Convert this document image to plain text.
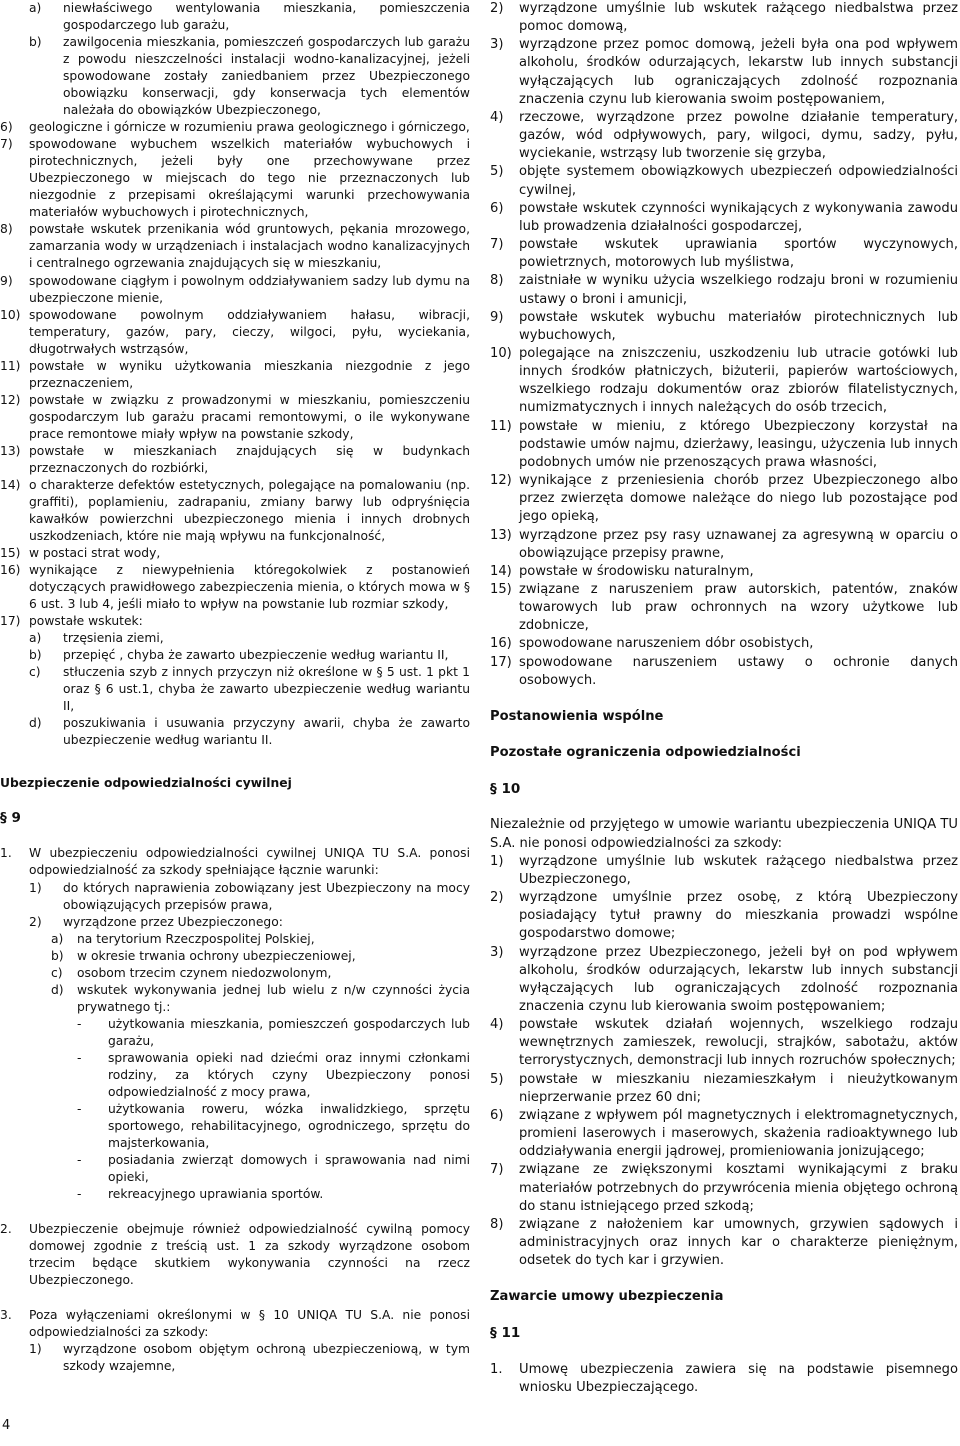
a) niewłaściwego wentylowania mieszkania, pomieszczenia gospodarczego lub garażu,
b) zawilgocenia mieszkania, pomieszczeń gospodarczych lub garażu z powodu nieszczelności instalacji wodno-kanalizacyjnej, jeżeli spowodowane zostały zaniedbaniem przez Ubezpieczonego obowiązku konserwacji, gdy konserwacja tych elementów należała do obowiązków Ubezpieczonego,
6) geologiczne i górnicze w rozumieniu prawa geologicznego i górniczego,
7) spowodowane wybuchem wszelkich materiałów wybuchowych i pirotechnicznych, jeżeli były one przechowywane przez Ubezpieczonego w miejscach do tego nie przeznaczonych lub niezgodnie z przepisami określającymi warunki przechowywania materiałów wybuchowych i pirotechnicznych,
8) powstałe wskutek przenikania wód gruntowych, pękania mrozowego, zamarzania wody w urządzeniach i instalacjach wodno kanalizacyjnych i centralnego ogrzewania znajdujących się w mieszkaniu,
9) spowodowane ciągłym i powolnym oddziaływaniem sadzy lub dymu na ubezpieczone mienie,
10) spowodowane powolnym oddziaływaniem hałasu, wibracji, temperatury, gazów, pary, cieczy, wilgoci, pyłu, wyciekania, długotrwałych wstrząsów,
11) powstałe w wyniku użytkowania mieszkania niezgodnie z jego przeznaczeniem,
12) powstałe w związku z prowadzonymi w mieszkaniu, pomieszczeniu gospodarczym lub garażu pracami remontowymi, o ile wykonywane prace remontowe miały wpływ na powstanie szkody,
13) powstałe w mieszkaniach znajdujących się w budynkach przeznaczonych do rozbiórki,
14) o charakterze defektów estetycznych, polegające na pomalowaniu (np. graffiti), poplamieniu, zadrapaniu, zmiany barwy lub odpryśnięcia kawałków powierzchni ubezpieczonego mienia i innych drobnych uszkodzeniach, które nie mają wpływu na funkcjonalność,
15) w postaci strat wody,
16) wynikające z niewypełnienia któregokolwiek z postanowień dotyczących prawidłowego zabezpieczenia mienia, o których mowa w § 6 ust. 3 lub 4, jeśli miało to wpływ na powstanie lub rozmiar szkody,
17) powstałe wskutek:
a) trzęsienia ziemi,
b) przepięć , chyba że zawarto ubezpieczenie według wariantu II,
c) stłuczenia szyb z innych przyczyn niż określone w § 5 ust. 1 pkt 1 oraz § 6 ust.1, chyba że zawarto ubezpieczenie według wariantu II,
d) poszukiwania i usuwania przyczyny awarii, chyba że zawarto ubezpieczenie według wariantu II.
Ubezpieczenie odpowiedzialności cywilnej
§ 9
1. W ubezpieczeniu odpowiedzialności cywilnej UNIQA TU S.A. ponosi odpowiedzialność za szkody spełniające łącznie warunki:
1) do których naprawienia zobowiązany jest Ubezpieczony na mocy obowiązujących przepisów prawa,
2) wyrządzone przez Ubezpieczonego:
a) na terytorium Rzeczpospolitej Polskiej,
b) w okresie trwania ochrony ubezpieczeniowej,
c) osobom trzecim czynem niedozwolonym,
d) wskutek wykonywania jednej lub wielu z n/w czynności życia prywatnego tj.:
- użytkowania mieszkania, pomieszczeń gospodarczych lub garażu,
- sprawowania opieki nad dziećmi oraz innymi członkami rodziny, za których czyny Ubezpieczony ponosi odpowiedzialność z mocy prawa,
- użytkowania roweru, wózka inwalidzkiego, sprzętu sportowego, rehabilitacyjnego, ogrodniczego, sprzętu do majsterkowania,
- posiadania zwierząt domowych i sprawowania nad nimi opieki,
- rekreacyjnego uprawiania sportów.
2. Ubezpieczenie obejmuje również odpowiedzialność cywilną pomocy domowej zgodnie z treścią ust. 1 za szkody wyrządzone osobom trzecim będące skutkiem wykonywania czynności na rzecz Ubezpieczonego.
3. Poza wyłączeniami określonymi w § 10 UNIQA TU S.A. nie ponosi odpowiedzialności za szkody:
1) wyrządzone osobom objętym ochroną ubezpieczeniową, w tym szkody wzajemne,
2) wyrządzone umyślnie lub wskutek rażącego niedbalstwa przez pomoc domową,
3) wyrządzone przez pomoc domową, jeżeli była ona pod wpływem alkoholu, środków odurzających, lekarstw lub innych substancji wyłączających lub ograniczających zdolność rozpoznania znaczenia czynu lub kierowania swoim postępowaniem,
4) rzeczowe, wyrządzone przez powolne działanie temperatury, gazów, wód odpływowych, pary, wilgoci, dymu, sadzy, pyłu, wyciekanie, wstrząsy lub tworzenie się grzyba,
5) objęte systemem obowiązkowych ubezpieczeń odpowiedzialności cywilnej,
6) powstałe wskutek czynności wynikających z wykonywania zawodu lub prowadzenia działalności gospodarczej,
7) powstałe wskutek uprawiania sportów wyczynowych, powietrznych, motorowych lub myślistwa,
8) zaistniałe w wyniku użycia wszelkiego rodzaju broni w rozumieniu ustawy o broni i amunicji,
9) powstałe wskutek wybuchu materiałów pirotechnicznych lub wybuchowych,
10) polegające na zniszczeniu, uszkodzeniu lub utracie gotówki lub innych środków płatniczych, biżuterii, papierów wartościowych, wszelkiego rodzaju dokumentów oraz zbiorów filatelistycznych, numizmatycznych i innych należących do osób trzecich,
11) powstałe w mieniu, z którego Ubezpieczony korzystał na podstawie umów najmu, dzierżawy, leasingu, użyczenia lub innych podobnych umów nie przenoszących prawa własności,
12) wynikające z przeniesienia chorób przez Ubezpieczonego albo przez zwierzęta domowe należące do niego lub pozostające pod jego opieką,
13) wyrządzone przez psy rasy uznawanej za agresywną w oparciu o obowiązujące przepisy prawne,
14) powstałe w środowisku naturalnym,
15) związane z naruszeniem praw autorskich, patentów, znaków towarowych lub praw ochronnych na wzory użytkowe lub zdobnicze,
16) spowodowane naruszeniem dóbr osobistych,
17) spowodowane naruszeniem ustawy o ochronie danych osobowych.
Postanowienia wspólne
Pozostałe ograniczenia odpowiedzialności
§ 10
Niezależnie od przyjętego w umowie wariantu ubezpieczenia UNIQA TU S.A. nie ponosi odpowiedzialności za szkody:
1) wyrządzone umyślnie lub wskutek rażącego niedbalstwa przez Ubezpieczonego,
2) wyrządzone umyślnie przez osobę, z którą Ubezpieczony posiadający tytuł prawny do mieszkania prowadzi wspólne gospodarstwo domowe;
3) wyrządzone przez Ubezpieczonego, jeżeli był on pod wpływem alkoholu, środków odurzających, lekarstw lub innych substancji wyłączających lub ograniczających zdolność rozpoznania znaczenia czynu lub kierowania swoim postępowaniem;
4) powstałe wskutek działań wojennych, wszelkiego rodzaju wewnętrznych zamieszek, rewolucji, strajków, sabotażu, aktów terrorystycznych, demonstracji lub innych rozruchów społecznych;
5) powstałe w mieszkaniu niezamieszkałym i nieużytkowanym nieprzerwanie przez 60 dni;
6) związane z wpływem pól magnetycznych i elektromagnetycznych, promieni laserowych i maserowych, skażenia radioaktywnego lub oddziaływania energii jądrowej, promieniowania jonizującego;
7) związane ze zwiększonymi kosztami wynikającymi z braku materiałów potrzebnych do przywrócenia mienia objętego ochroną do stanu istniejącego przed szkodą;
8) związane z nałożeniem kar umownych, grzywien sądowych i administracyjnych oraz innych kar o charakterze pieniężnym, odsetek do tych kar i grzywien.
Zawarcie umowy ubezpieczenia
§ 11
1. Umowę ubezpieczenia zawiera się na podstawie pisemnego wniosku Ubezpieczającego.
4
